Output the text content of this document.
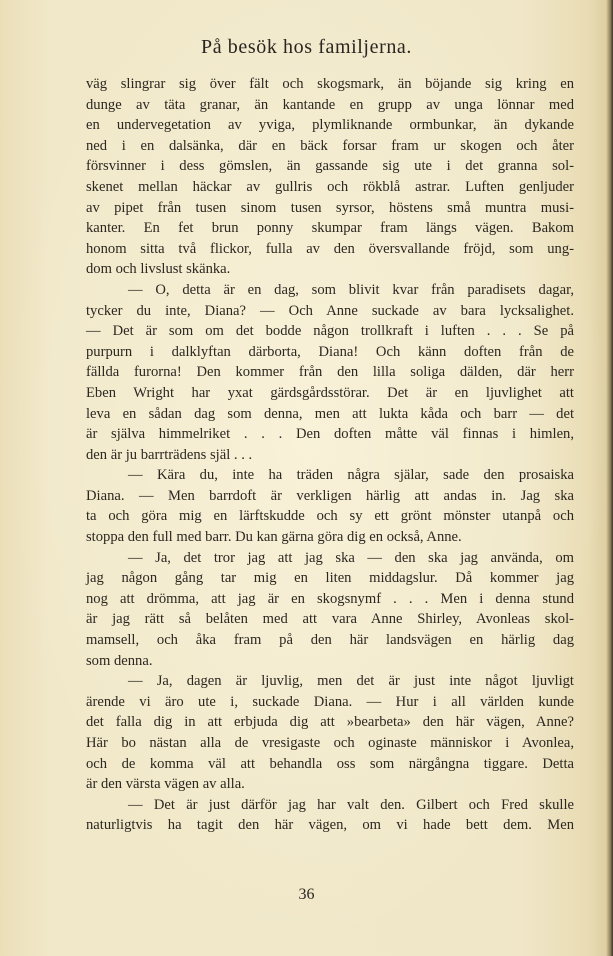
På besök hos familjerna.
väg slingrar sig över fält och skogsmark, än böjande sig kring en
dunge av täta granar, än kantande en grupp av unga lönnar med
en undervegetation av yviga, plymliknande ormbunkar, än dykande
ned i en dalsänka, där en bäck forsar fram ur skogen och åter
försvinner i dess gömslen, än gassande sig ute i det granna sol-
skenet mellan häckar av gullris och rökblå astrar. Luften genljuder
av pipet från tusen sinom tusen syrsor, höstens små muntra musi-
kanter. En fet brun ponny skumpar fram längs vägen. Bakom
honom sitta två flickor, fulla av den översvallande fröjd, som ung-
dom och livslust skänka.
— O, detta är en dag, som blivit kvar från paradisets dagar,
tycker du inte, Diana? — Och Anne suckade av bara lycksalighet.
— Det är som om det bodde någon trollkraft i luften . . . Se på
purpurn i dalklyftan därborta, Diana! Och känn doften från de
fällda furorna! Den kommer från den lilla soliga dälden, där herr
Eben Wright har yxat gärdsgårdsstörar. Det är en ljuvlighet att
leva en sådan dag som denna, men att lukta kåda och barr — det
är själva himmelriket . . . Den doften måtte väl finnas i himlen,
den är ju barrträdens själ . . .
— Kära du, inte ha träden några själar, sade den prosaiska
Diana. — Men barrdoft är verkligen härlig att andas in. Jag ska
ta och göra mig en lärftskudde och sy ett grönt mönster utanpå och
stoppa den full med barr. Du kan gärna göra dig en också, Anne.
— Ja, det tror jag att jag ska — den ska jag använda, om
jag någon gång tar mig en liten middagslur. Då kommer jag
nog att drömma, att jag är en skogsnymf . . . Men i denna stund
är jag rätt så belåten med att vara Anne Shirley, Avonleas skol-
mamsell, och åka fram på den här landsvägen en härlig dag
som denna.
— Ja, dagen är ljuvlig, men det är just inte något ljuvligt
ärende vi äro ute i, suckade Diana. — Hur i all världen kunde
det falla dig in att erbjuda dig att »bearbeta» den här vägen, Anne?
Här bo nästan alla de vresigaste och oginaste människor i Avonlea,
och de komma väl att behandla oss som närgångna tiggare. Detta
är den värsta vägen av alla.
— Det är just därför jag har valt den. Gilbert och Fred skulle
naturligtvis ha tagit den här vägen, om vi hade bett dem. Men
36
